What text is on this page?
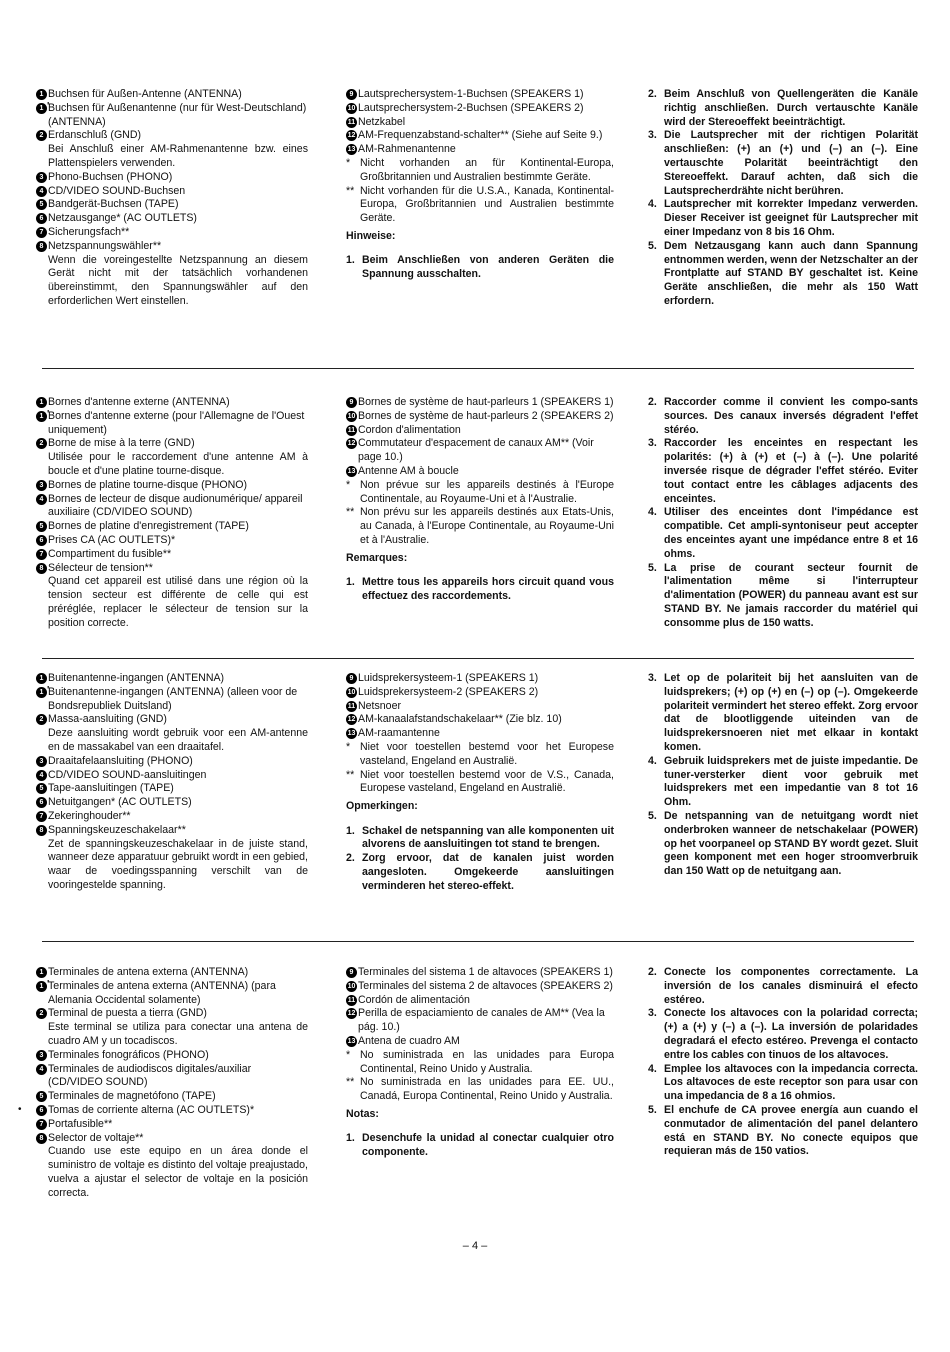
1 Buchsen für Außen-Antenne (ANTENNA)

1 ' Buchsen für Außenantenne (nur für West-Deutschland)(ANTENNA)

2 Erdanschluß (GND)

Bei Anschluß einer AM-Rahmenantenne bzw. eines Plattenspielers verwenden.

3 Phono-Buchsen (PHONO)

4 CD/VIDEO SOUND-Buchsen

5 Bandgerät-Buchsen (TAPE)

6 Netzausgange* (AC OUTLETS)

7 Sicherungsfach**

8 Netzspannungswähler**

Wenn die voreingestellte Netzspannung an diesem Gerät nicht mit der tatsächlich vorhandenen übereinstimmt, den Spannungswähler auf den erforderlichen Wert einstellen.

9 Lautsprechersystem-1-Buchsen (SPEAKERS 1)

10 Lautsprechersystem-2-Buchsen (SPEAKERS 2)

11 Netzkabel

12 AM-Frequenzabstand-schalter** (Siehe auf Seite 9.)

13 AM-Rahmenantenne

* Nicht vorhanden an für Kontinental-Europa, Großbritannien und Australien bestimmte Geräte.

** Nicht vorhanden für die U.S.A., Kanada, Kontinental-Europa, Großbritannien und Australien bestimmte Geräte.

Hinweise:

1. Beim Anschließen von anderen Geräten die Spannung ausschalten.

2. Beim Anschluß von Quellengeräten die Kanäle richtig anschließen. Durch vertauschte Kanäle wird der Stereoeffekt beeinträchtigt.

3. Die Lautsprecher mit der richtigen Polarität anschließen: (+) an (+) und (–) an (–). Eine vertauschte Polarität beeinträchtigt den Stereoeffekt. Darauf achten, daß sich die Lautsprecherdrähte nicht berühren.

4. Lautsprecher mit korrekter Impedanz verwerden. Dieser Receiver ist geeignet für Lautsprecher mit einer Impedanz von 8 bis 16 Ohm.

5. Dem Netzausgang kann auch dann Spannung entnommen werden, wenn der Netzschalter an der Frontplatte auf STAND BY geschaltet ist. Keine Geräte anschließen, die mehr als 150 Watt erfordern.

1 Bornes d'antenne externe (ANTENNA)

1 ' Bornes d'antenne externe (pour l'Allemagne de l'Ouest uniquement)

2 Borne de mise à la terre (GND)

Utilisée pour le raccordement d'une antenne AM à boucle et d'une platine tourne-disque.

3 Bornes de platine tourne-disque (PHONO)

4 Bornes de lecteur de disque audionumérique/ appareil auxiliaire (CD/VIDEO SOUND)

5 Bornes de platine d'enregistrement (TAPE)

6 Prises CA (AC OUTLETS)*

7 Compartiment du fusible**

8 Sélecteur de tension**

Quand cet appareil est utilisé dans une région où la tension secteur est différente de celle qui est préréglée, replacer le sélecteur de tension sur la position correcte.

9 Bornes de système de haut-parleurs 1 (SPEAKERS 1)

10 Bornes de système de haut-parleurs 2 (SPEAKERS 2)

11 Cordon d'alimentation

12 Commutateur d'espacement de canaux AM** (Voir page 10.)

13 Antenne AM à boucle

* Non prévue sur les appareils destinés à l'Europe Continentale, au Royaume-Uni et à l'Australie.

** Non prévu sur les appareils destinés aux Etats-Unis, au Canada, à l'Europe Continentale, au Royaume-Uni et à l'Australie.

Remarques:

1. Mettre tous les appareils hors circuit quand vous effectuez des raccordements.

2. Raccorder comme il convient les compo-sants sources. Des canaux inversés dégradent l'effet stéréo.

3. Raccorder les enceintes en respectant les polarités: (+) à (+) et (–) à (–). Une polarité inversée risque de dégrader l'effet stéréo. Eviter tout contact entre les câblages adjacents des enceintes.

4. Utiliser des enceintes dont l'impédance est compatible. Cet ampli-syntoniseur peut accepter des enceintes ayant une impédance entre 8 et 16 ohms.

5. La prise de courant secteur fournit de l'alimentation même si l'interrupteur d'alimentation (POWER) du panneau avant est sur STAND BY. Ne jamais raccorder du matériel qui consomme plus de 150 watts.

1 Buitenantenne-ingangen (ANTENNA)

1 ' Buitenantenne-ingangen (ANTENNA) (alleen voor de Bondsrepubliek Duitsland)

2 Massa-aansluiting (GND)

Deze aansluiting wordt gebruik voor een AM-antenne en de massakabel van een draaitafel.

3 Draaitafelaansluiting (PHONO)

4 CD/VIDEO SOUND-aansluitingen

5 Tape-aansluitingen (TAPE)

6 Netuitgangen* (AC OUTLETS)

7 Zekeringhouder**

8 Spanningskeuzeschakelaar**

Zet de spanningskeuzeschakelaar in de juiste stand, wanneer deze apparatuur gebruikt wordt in een gebied, waar de voedingsspanning verschilt van de vooringestelde spanning.

9 Luidsprekersysteem-1 (SPEAKERS 1)

10 Luidsprekersysteem-2 (SPEAKERS 2)

11 Netsnoer

12 AM-kanaalafstandschakelaar** (Zie blz. 10)

13 AM-raamantenne

* Niet voor toestellen bestemd voor het Europese vasteland, Engeland en Australië.

** Niet voor toestellen bestemd voor de V.S., Canada, Europese vasteland, Engeland en Australië.

Opmerkingen:

1. Schakel de netspanning van alle komponenten uit alvorens de aansluitingen tot stand te brengen.

2. Zorg ervoor, dat de kanalen juist worden aangesloten. Omgekeerde aansluitingen verminderen het stereo-effekt.

3. Let op de polariteit bij het aansluiten van de luidsprekers; (+) op (+) en (–) op (–). Omgekeerde polariteit vermindert het stereo effekt. Zorg ervoor dat de blootliggende uiteinden van de luidsprekersnoeren niet met elkaar in kontakt komen.

4. Gebruik luidsprekers met de juiste impedantie. De tuner-versterker dient voor gebruik met luidsprekers met een impedantie van 8 tot 16 Ohm.

5. De netspanning van de netuitgang wordt niet onderbroken wanneer de netschakelaar (POWER) op het voorpaneel op STAND BY wordt gezet. Sluit geen komponent met een hoger stroomverbruik dan 150 Watt op de netuitgang aan.

1 Terminales de antena externa (ANTENNA)

1 ' Terminales de antena externa (ANTENNA) (para Alemania Occidental solamente)

2 Terminal de puesta a tierra (GND)

Este terminal se utiliza para conectar una antena de cuadro AM y un tocadiscos.

3 Terminales fonográficos (PHONO)

4 Terminales de audiodiscos digitales/auxiliar (CD/VIDEO SOUND)

5 Terminales de magnetófono (TAPE)

6 Tomas de corriente alterna (AC OUTLETS)*

7 Portafusible**

8 Selector de voltaje**

Cuando use este equipo en un área donde el suministro de voltaje es distinto del voltaje preajustado, vuelva a ajustar el selector de voltaje en la posición correcta.

9 Terminales del sistema 1 de altavoces (SPEAKERS 1)

10 Terminales del sistema 2 de altavoces (SPEAKERS 2)

11 Cordón de alimentación

12 Perilla de espaciamiento de canales de AM** (Vea la pág. 10.)

13 Antena de cuadro AM

* No suministrada en las unidades para Europa Continental, Reino Unido y Australia.

** No suministrada en las unidades para EE. UU., Canadá, Europa Continental, Reino Unido y Australia.

Notas:

1. Desenchufe la unidad al conectar cualquier otro componente.

2. Conecte los componentes correctamente. La inversión de los canales disminuirá el efecto estéreo.

3. Conecte los altavoces con la polaridad correcta; (+) a (+) y (–) a (–). La inversión de polaridades degradará el efecto estéreo. Prevenga el contacto entre los cables con tinuos de los altavoces.

4. Emplee los altavoces con la impedancia correcta. Los altavoces de este receptor son para usar con una impedancia de 8 a 16 ohmios.

5. El enchufe de CA provee energía aun cuando el conmutador de alimentación del panel delantero está en STAND BY. No conecte equipos que requieran más de 150 vatios.

•
– 4 –
